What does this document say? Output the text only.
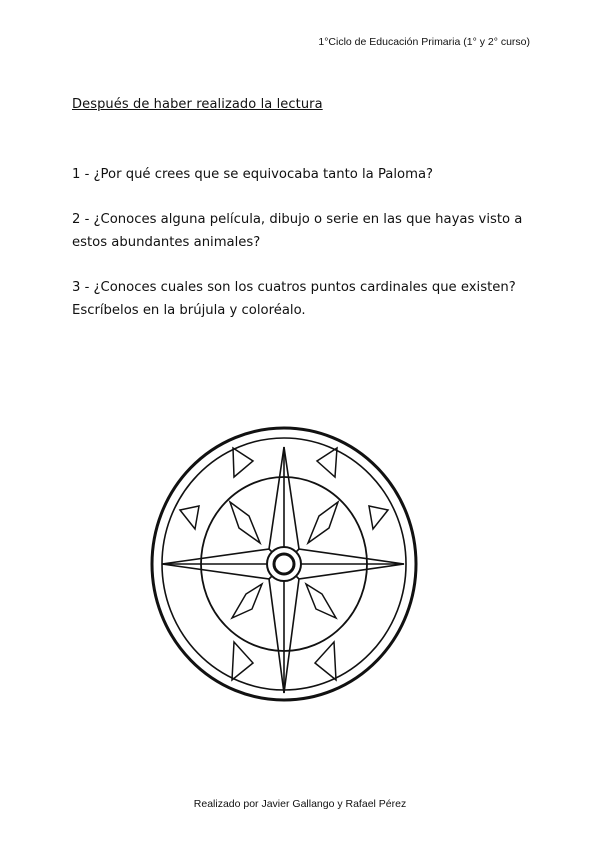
1°Ciclo de Educación Primaria (1° y 2° curso)
Después de haber realizado la lectura

1 - ¿Por qué crees que se equivocaba tanto la Paloma?

2 - ¿Conoces alguna película, dibujo o serie en las que hayas visto a

estos abundantes animales?

3 - ¿Conoces cuales son los cuatros puntos cardinales que existen?

Escríbelos en la brújula y coloréalo.

Realizado por Javier Gallango y Rafael Pérez
